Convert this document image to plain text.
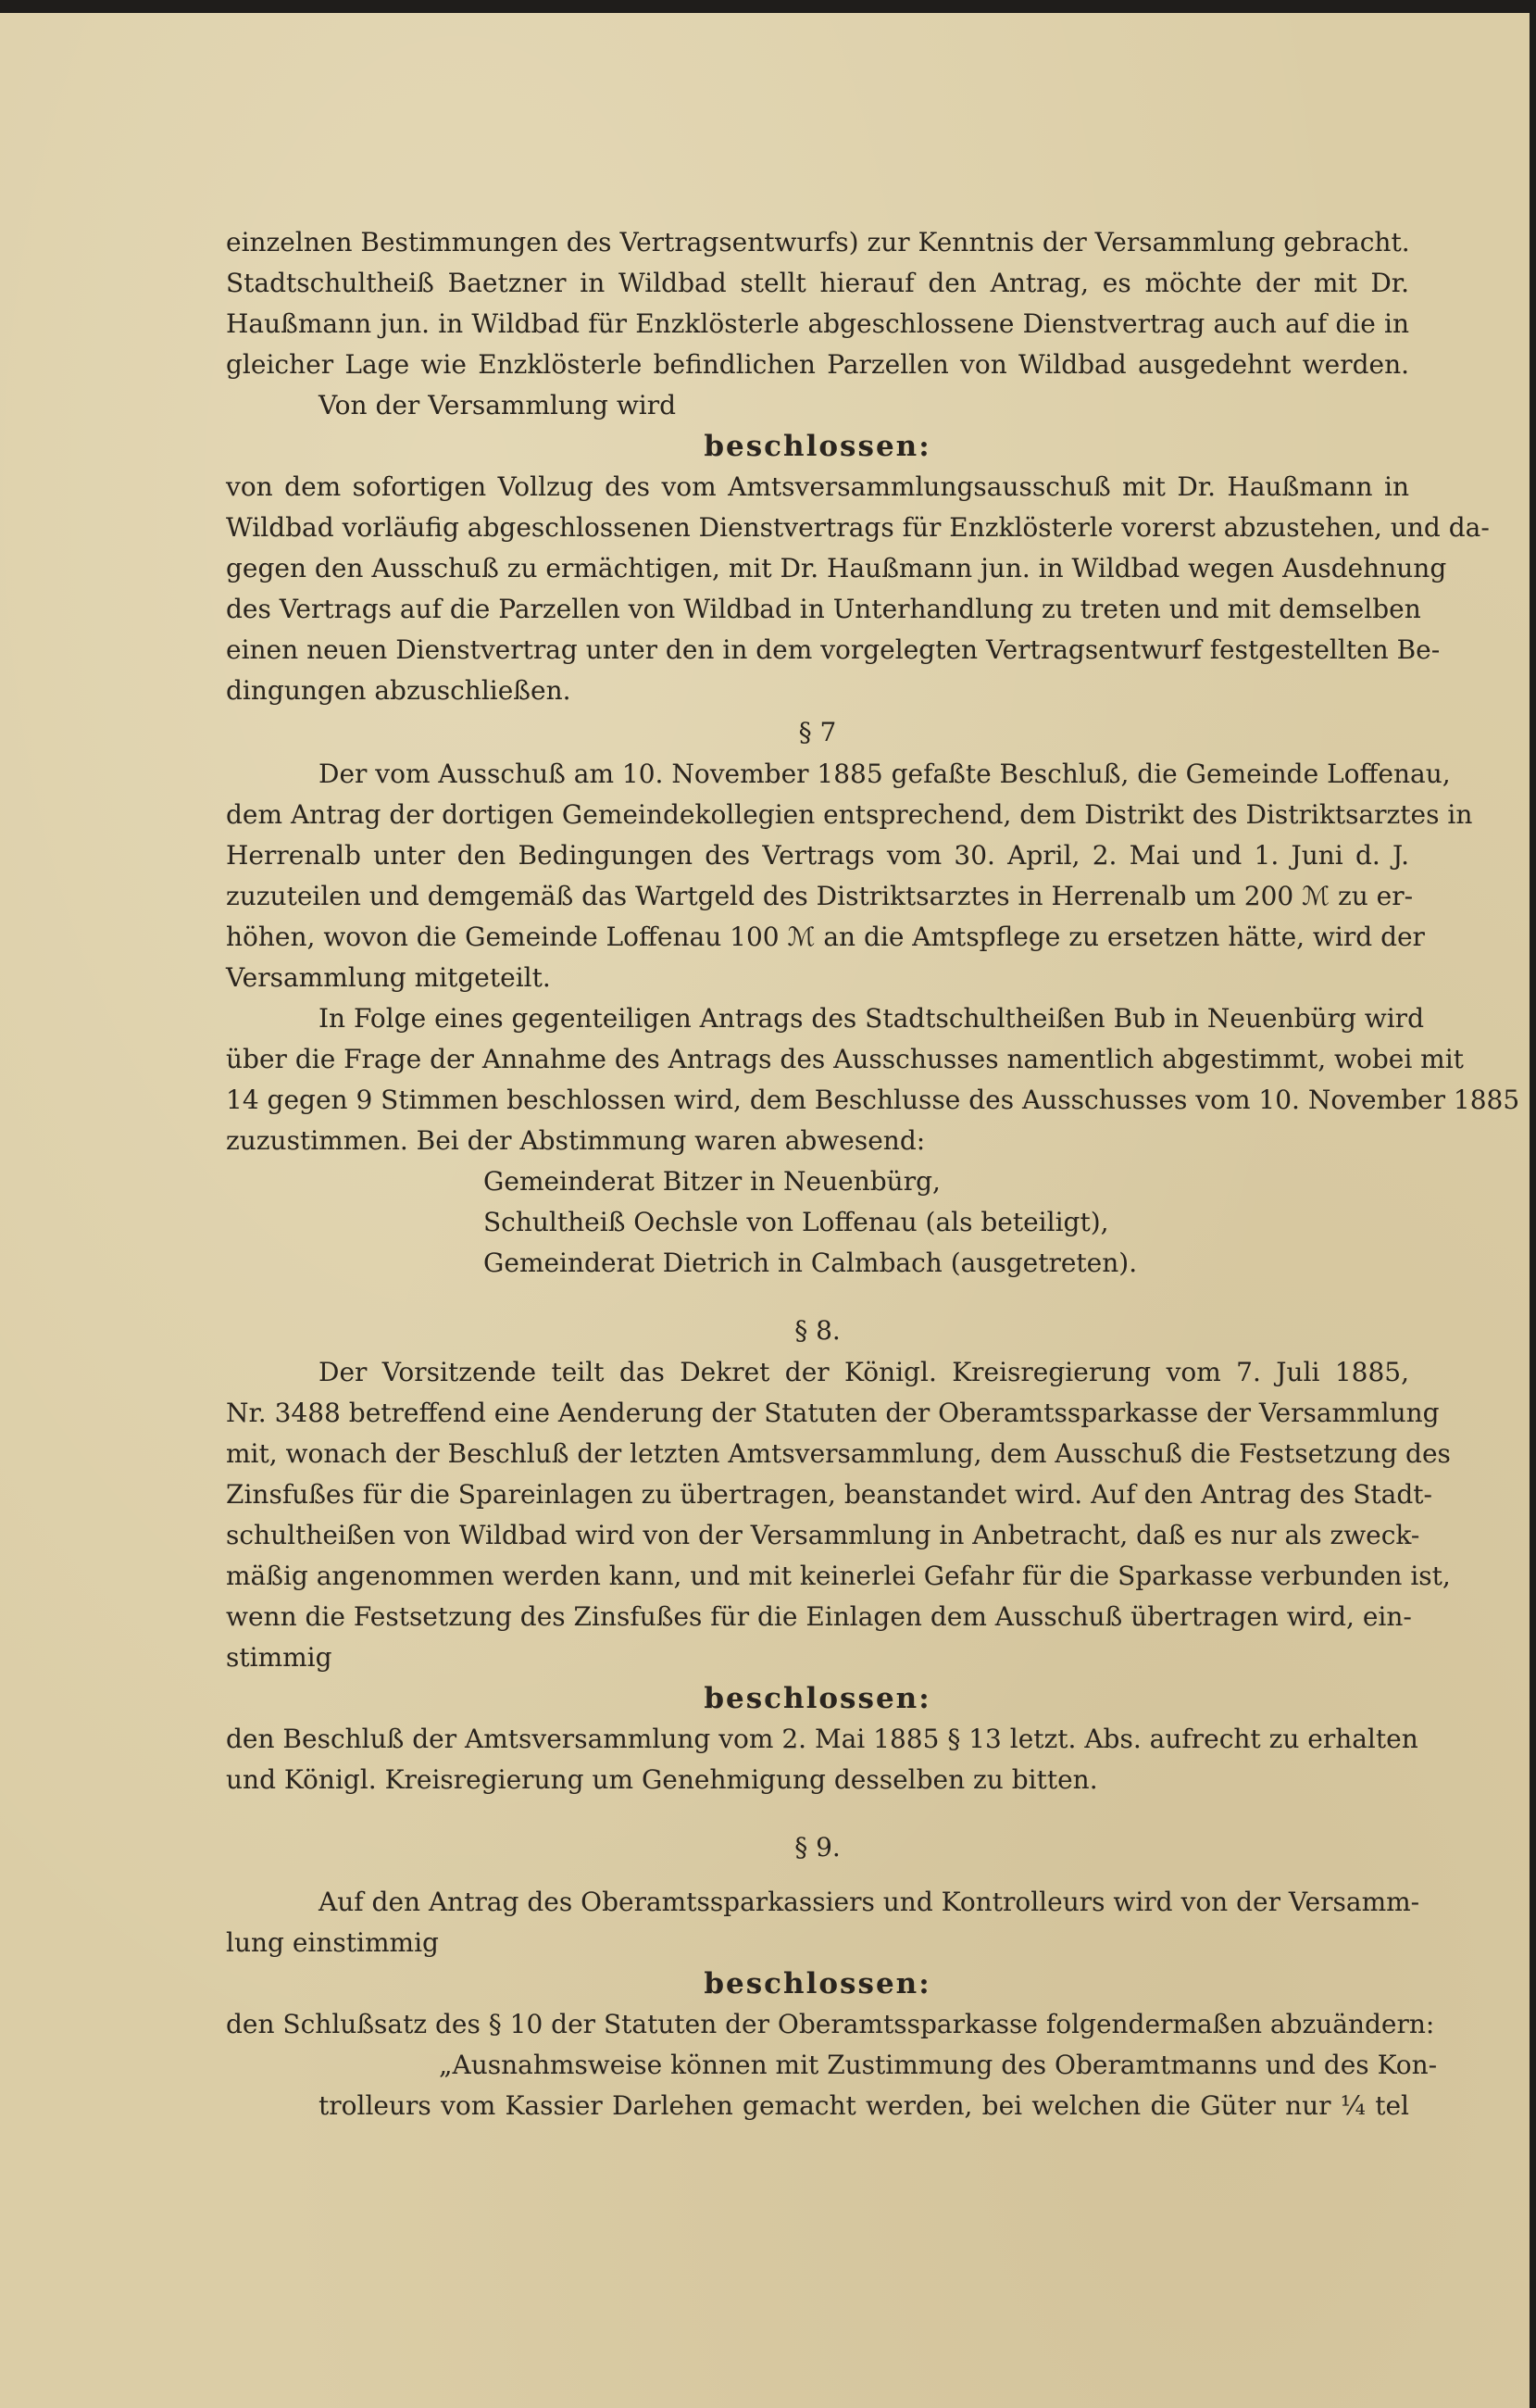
einzelnen Bestimmungen des Vertragsentwurfs) zur Kenntnis der Versammlung gebracht.
Stadtschultheiß Baetzner in Wildbad stellt hierauf den Antrag, es möchte der mit Dr.
Haußmann jun. in Wildbad für Enzklösterle abgeschlossene Dienstvertrag auch auf die in
gleicher Lage wie Enzklösterle befindlichen Parzellen von Wildbad ausgedehnt werden.
Von der Versammlung wird
beschlossen:
von dem sofortigen Vollzug des vom Amtsversammlungsausschuß mit Dr. Haußmann in
Wildbad vorläufig abgeschlossenen Dienstvertrags für Enzklösterle vorerst abzustehen, und da-
gegen den Ausschuß zu ermächtigen, mit Dr. Haußmann jun. in Wildbad wegen Ausdehnung
des Vertrags auf die Parzellen von Wildbad in Unterhandlung zu treten und mit demselben
einen neuen Dienstvertrag unter den in dem vorgelegten Vertragsentwurf festgestellten Be-
dingungen abzuschließen.
§ 7
Der vom Ausschuß am 10. November 1885 gefaßte Beschluß, die Gemeinde Loffenau,
dem Antrag der dortigen Gemeindekollegien entsprechend, dem Distrikt des Distriktsarztes in
Herrenalb unter den Bedingungen des Vertrags vom 30. April, 2. Mai und 1. Juni d. J.
zuzuteilen und demgemäß das Wartgeld des Distriktsarztes in Herrenalb um 200 ℳ zu er-
höhen, wovon die Gemeinde Loffenau 100 ℳ an die Amtspflege zu ersetzen hätte, wird der
Versammlung mitgeteilt.
In Folge eines gegenteiligen Antrags des Stadtschultheißen Bub in Neuenbürg wird
über die Frage der Annahme des Antrags des Ausschusses namentlich abgestimmt, wobei mit
14 gegen 9 Stimmen beschlossen wird, dem Beschlusse des Ausschusses vom 10. November 1885
zuzustimmen. Bei der Abstimmung waren abwesend:
Gemeinderat Bitzer in Neuenbürg,
Schultheiß Oechsle von Loffenau (als beteiligt),
Gemeinderat Dietrich in Calmbach (ausgetreten).
§ 8.
Der Vorsitzende teilt das Dekret der Königl. Kreisregierung vom 7. Juli 1885,
Nr. 3488 betreffend eine Aenderung der Statuten der Oberamtssparkasse der Versammlung
mit, wonach der Beschluß der letzten Amtsversammlung, dem Ausschuß die Festsetzung des
Zinsfußes für die Spareinlagen zu übertragen, beanstandet wird. Auf den Antrag des Stadt-
schultheißen von Wildbad wird von der Versammlung in Anbetracht, daß es nur als zweck-
mäßig angenommen werden kann, und mit keinerlei Gefahr für die Sparkasse verbunden ist,
wenn die Festsetzung des Zinsfußes für die Einlagen dem Ausschuß übertragen wird, ein-
stimmig
beschlossen:
den Beschluß der Amtsversammlung vom 2. Mai 1885 § 13 letzt. Abs. aufrecht zu erhalten
und Königl. Kreisregierung um Genehmigung desselben zu bitten.
§ 9.
Auf den Antrag des Oberamtssparkassiers und Kontrolleurs wird von der Versamm-
lung einstimmig
beschlossen:
den Schlußsatz des § 10 der Statuten der Oberamtssparkasse folgendermaßen abzuändern:
„Ausnahmsweise können mit Zustimmung des Oberamtmanns und des Kon-
trolleurs vom Kassier Darlehen gemacht werden, bei welchen die Güter nur ¼ tel
